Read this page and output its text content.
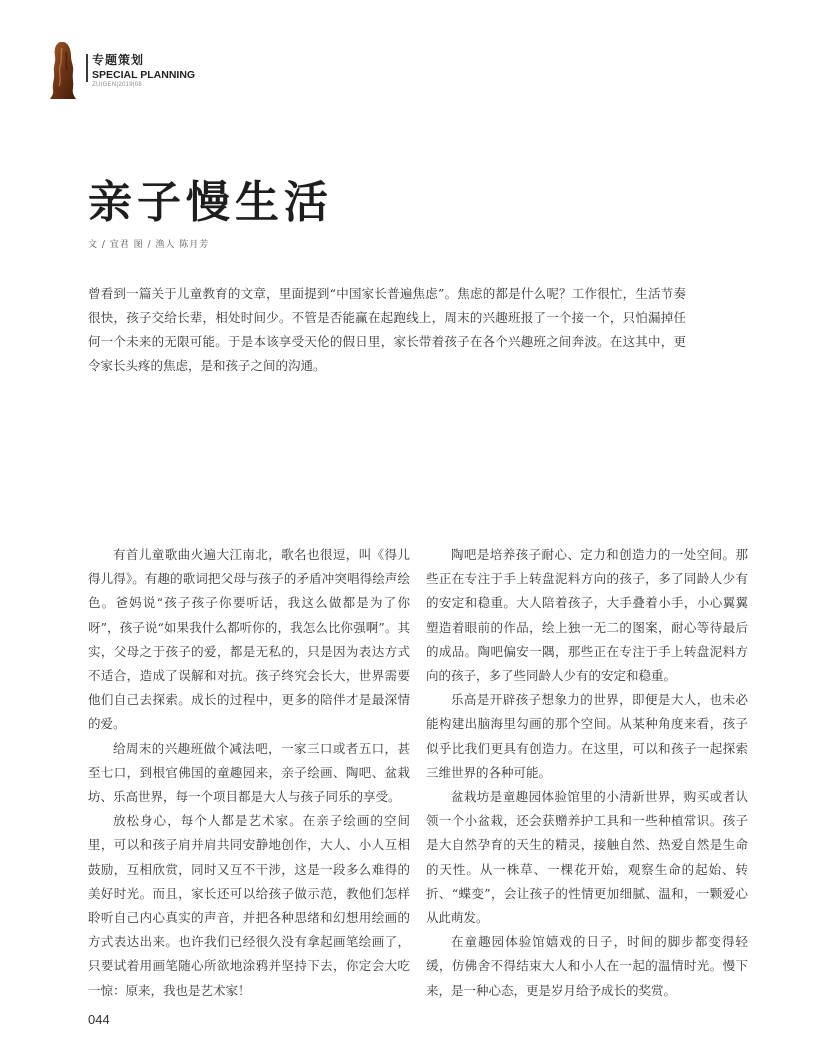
专题策划
SPECIAL PLANNING
ZUIGEN|2019|08
亲子慢生活
文 / 宜君 图 / 渔人 陈月芳
曾看到一篇关于儿童教育的文章，里面提到“中国家长普遍焦虑”。焦虑的都是什么呢？工作很忙，生活节奏很快，孩子交给长辈，相处时间少。不管是否能赢在起跑线上，周末的兴趣班报了一个接一个，只怕漏掉任何一个未来的无限可能。于是本该享受天伦的假日里，家长带着孩子在各个兴趣班之间奔波。在这其中，更令家长头疼的焦虑，是和孩子之间的沟通。

有首儿童歌曲火遍大江南北，歌名也很逗，叫《得儿得儿得》。有趣的歌词把父母与孩子的矛盾冲突唱得绘声绘色。爸妈说“孩子孩子你要听话，我这么做都是为了你呀”，孩子说“如果我什么都听你的，我怎么比你强啊”。其实，父母之于孩子的爱，都是无私的，只是因为表达方式不适合，造成了误解和对抗。孩子终究会长大，世界需要他们自己去探索。成长的过程中，更多的陪伴才是最深情的爱。

给周末的兴趣班做个减法吧，一家三口或者五口，甚至七口，到根官佛国的童趣园来，亲子绘画、陶吧、盆栽坊、乐高世界，每一个项目都是大人与孩子同乐的享受。

放松身心，每个人都是艺术家。在亲子绘画的空间里，可以和孩子肩并肩共同安静地创作，大人、小人互相鼓励，互相欣赏，同时又互不干涉，这是一段多么难得的美好时光。而且，家长还可以给孩子做示范，教他们怎样聆听自己内心真实的声音，并把各种思绪和幻想用绘画的方式表达出来。也许我们已经很久没有拿起画笔绘画了，只要试着用画笔随心所欲地涂鸦并坚持下去，你定会大吃一惊：原来，我也是艺术家！

陶吧是培养孩子耐心、定力和创造力的一处空间。那些正在专注于手上转盘泥料方向的孩子，多了同龄人少有的安定和稳重。大人陪着孩子，大手叠着小手，小心翼翼塑造着眼前的作品，绘上独一无二的图案，耐心等待最后的成品。陶吧偏安一隅，那些正在专注于手上转盘泥料方向的孩子，多了些同龄人少有的安定和稳重。

乐高是开辟孩子想象力的世界，即便是大人，也未必能构建出脑海里勾画的那个空间。从某种角度来看，孩子似乎比我们更具有创造力。在这里，可以和孩子一起探索三维世界的各种可能。

盆栽坊是童趣园体验馆里的小清新世界，购买或者认领一个小盆栽，还会获赠养护工具和一些种植常识。孩子是大自然孕育的天生的精灵，接触自然、热爱自然是生命的天性。从一株草、一棵花开始，观察生命的起始、转折、“蝶变”，会让孩子的性情更加细腻、温和，一颗爱心从此萌发。

在童趣园体验馆嬉戏的日子，时间的脚步都变得轻缓，仿佛舍不得结束大人和小人在一起的温情时光。慢下来，是一种心态，更是岁月给予成长的奖赏。

044
